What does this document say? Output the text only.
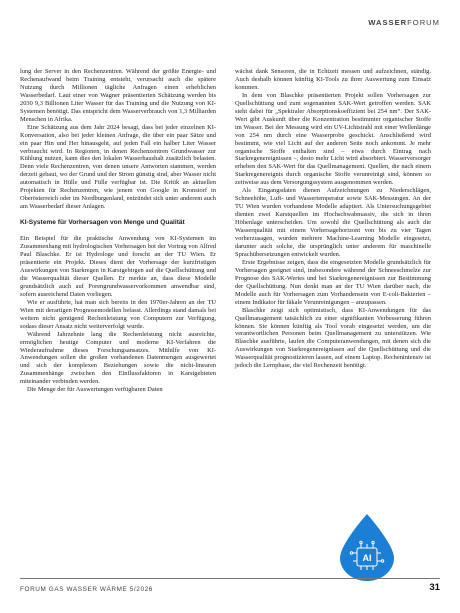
WASSERFORUM

lung der Server in den Rechenzentren. Während der größte Energie- und Rechenaufwand beim Training entsteht, verursacht auch die spätere Nutzung durch Millionen tägliche Anfragen einen erheblichen Wasserbedarf. Laut einer von Wagner präsentierten Schätzung werden bis 2030 9,3 Billionen Liter Wasser für das Training und die Nutzung von KI-Systemen benötigt. Das entspricht dem Wasserverbrauch von 1,3 Milliarden Menschen in Afrika.

Eine Schätzung aus dem Jahr 2024 besagt, dass bei jeder einzelnen KI-Konversation, also bei jeder kleinen Anfrage, die über ein paar Sätze und ein paar Hin und Her hinausgeht, auf jeden Fall ein halber Liter Wasser verbraucht wird. In Regionen, in denen Rechenzentren Grundwasser zur Kühlung nutzen, kann dies den lokalen Wasserhaushalt zusätzlich belasten. Denn viele Rechenzentren, von denen unsere Antworten stammen, werden derzeit gebaut, wo der Grund und der Strom günstig sind, aber Wasser nicht automatisch in Hülle und Fülle verfügbar ist. Die Kritik an aktuellen Projekten für Rechenzentren, wie jenem von Google in Kronstorf in Oberösterreich oder im Nordburgenland, entzündet sich unter anderem auch am Wasserbedarf dieser Anlagen.

KI-Systeme für Vorhersagen von Menge und Qualität

Ein Beispiel für die praktische Anwendung von KI-Systemen im Zusammenhang mit hydrologischen Vorhersagen bot der Vortrag von Alfred Paul Blaschke. Er ist Hydrologe und forscht an der TU Wien. Er präsentierte ein Projekt. Dieses dient der Vorhersage der kurzfristigen Auswirkungen von Starkregen in Karstgebirgen auf die Quellschüttung und die Wasserqualität dieser Quellen. Er merkte an, dass diese Modelle grundsätzlich auch auf Porengrundwasservorkommen anwendbar sind, sofern ausreichend Daten vorliegen.

Wie er ausführte, hat man sich bereits in den 1970er-Jahren an der TU Wien mit derartigen Prognosemodellen befasst. Allerdings stand damals bei weitem nicht genügend Rechenleistung von Computern zur Verfügung, sodass dieser Ansatz nicht weiterverfolgt wurde.

Während Jahrzehnte lang die Rechenleistung nicht ausreichte, ermöglichen heutige Computer und moderne KI-Verfahren die Wiederaufnahme dieses Forschungsansatzes. Mithilfe von KI-Anwendungen sollen die großen vorhandenen Datenmengen ausgewertet und sich der komplexen Beziehungen sowie die nicht-linearen Zusammenhänge zwischen den Einflussfaktoren in Karstgebieten miteinander verbinden werden.

Die Menge der für Auswertungen verfügbaren Daten

wächst dank Sensoren, die in Echtzeit messen und aufzeichnen, ständig. Auch deshalb können künftig KI-Tools zu ihrer Auswertung zum Einsatz kommen.

In dem von Blaschke präsentierten Projekt sollen Vorhersagen zur Quellschüttung und zum sogenannten SAK-Wert getroffen werden. SAK steht dabei für „Spektraler Absorptionskoeffizient bei 254 nm“. Der SAK-Wert gibt Auskunft über die Konzentration bestimmter organischer Stoffe im Wasser. Bei der Messung wird ein UV-Lichtstrahl mit einer Wellenlänge von 254 nm durch eine Wasserprobe geschickt. Anschließend wird bestimmt, wie viel Licht auf der anderen Seite noch ankommt. Je mehr organische Stoffe enthalten sind – etwa durch Eintrag nach Starkregenereignissen –, desto mehr Licht wird absorbiert. Wasserversorger erheben den SAK-Wert für das Quellmanagement. Quellen, die nach einem Starkregenereignis durch organische Stoffe verunreinigt sind, können so zeitweise aus dem Versorgungssystem ausgenommen werden.

Als Eingangsdaten dienen Aufzeichnungen zu Niederschlägen, Schneehöhe, Luft- und Wassertemperatur sowie SAK-Messungen. An der TU Wien wurden vorhandene Modelle adaptiert. Als Untersuchungsgebiet dienten zwei Karstquellen im Hochschwabmassiv, die sich in ihren Höhenlage unterscheiden. Um sowohl die Quellschüttung als auch die Wasserqualität mit einem Vorhersagehorizont von bis zu vier Tagen vorherzusagen, wurden mehrere Machine-Learning Modelle eingesetzt, darunter auch solche, die ursprünglich unter anderem für maschinelle Sprachübersetzungen entwickelt wurden.

Erste Ergebnisse zeigen, dass die eingesetzten Modelle grundsätzlich für Vorhersagen geeignet sind, insbesondere während der Schneeschmelze zur Prognose des SAK-Wertes und bei Starkregenereignissen zur Bestimmung der Quellschüttung. Nun denkt man an der TU Wien darüber nach, die Modelle auch für Vorhersagen zum Vorhandensein von E-coli-Bakterien – einem Indikator für fäkale Verunreinigungen – anzupassen.

Blaschke zeigt sich optimistisch, dass KI-Anwendungen für das Quellmanagement tatsächlich zu einer signifikanten Verbesserung führen können. Sie können künftig als Tool vorab eingesetzt werden, um die verantwortlichen Personen beim Quellmanagement zu unterstützen. Wie Blaschke ausführte, laufen die Computeranwendungen, mit denen sich die Auswirkungen von Starkregenereignissen auf die Quellschüttung und die Wasserqualität prognostizieren lassen, auf einem Laptop. Rechenintensiv ist jedoch die Lernphase, die viel Rechenzeit benötigt.

AI
FORUM GAS WASSER WÄRME 5/2026	31
